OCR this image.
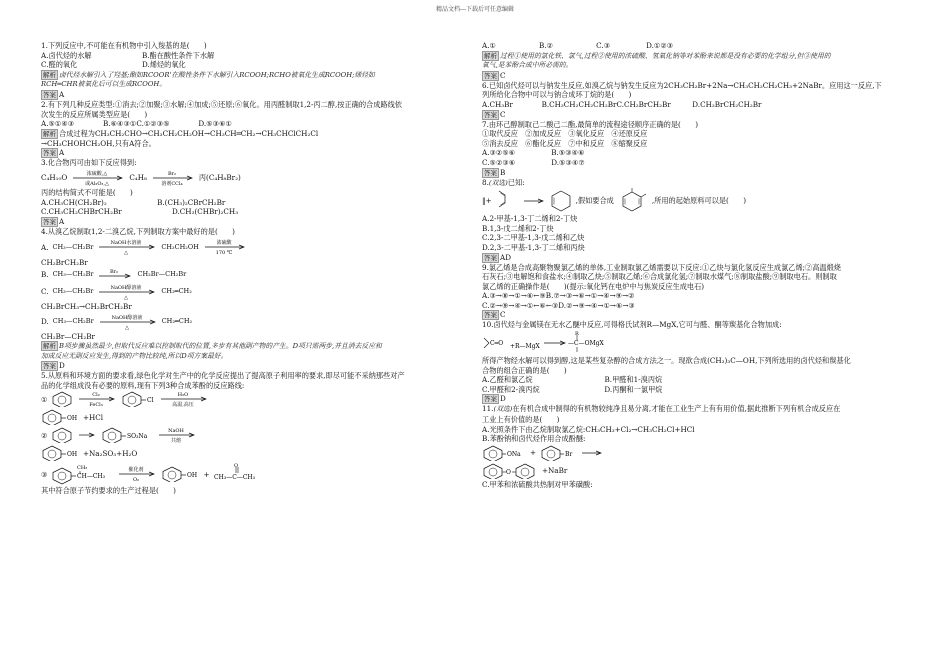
精品文档---下载后可任意编辑

1.下列反应中,不可能在有机物中引入羧基的是(　　)

A.卤代烃的水解　　　　　　　	B.酯在酸性条件下水解

C.醛的氧化　　　　　　　　　	D.烯烃的氧化

解析 卤代烃水解引入了羟基;酯如RCOOR'在酸性条件下水解引入RCOOH;RCHO被氧化生成RCOOH;烯烃如

RCH═CHR被氧化后可以生成RCOOH。

答案 A

2.有下列几种反应类型:①消去;②加聚;③水解;④加成;⑤还原;⑥氧化。用丙醛制取1,2-丙二醇,按正确的合成路线依

次发生的反应所属类型应是(　　)

A.⑤①④③　　　　B.⑥④③①C.①②③⑤　　　　D.⑤③⑥①

解析 合成过程为CH₃CH₂CHO→CH₃CH₂CH₂OH→CH₃CH═CH₂→CH₃CHClCH₂Cl

→CH₃CHOHCH₂OH,只有A符合。

答案 A

3.化合物丙可由如下反应得到:

C₄H₁₀O	浓硫酸,△
或Al₂O₃,△
C₄H₈	Br₂
溶剂CCl₄
丙(C₄H₈Br₂)

丙的结构简式不可能是(　　)

A.CH₃CH(CH₂Br)₂　　　　　　　	B.(CH₃)₂CBrCH₂Br

C.CH₃CH₂CHBrCH₂Br　　　　　　　	D.CH₃(CHBr)₂CH₃

答案 A

4.从溴乙烷制取1,2-二溴乙烷,下列制取方案中最好的是(　　)

A. CH₃—CH₂Br	NaOH水溶液
△
CH₃CH₂OH	浓硫酸
170 ℃

CH₂BrCH₂Br

B. CH₃—CH₂Br	Br₂	CH₂Br—CH₂Br
C. CH₃—CH₂Br	NaOH醇溶液
△
CH₂═CH₂

CH₂BrCH₃→CH₂BrCH₂Br

D. CH₃—CH₂Br	NaOH醇溶液
△
CH₂═CH₂

CH₂Br—CH₂Br

解析 B项步骤虽然最少,但取代反应难以控制取代的位置,多步有其他副产物的产生。D项只需两步,并且消去反应和

加成反应无副反应发生,得到的产物比较纯,所以D项方案最好。

答案 D

5.从原料和环境方面的要求看,绿色化学对生产中的化学反应提出了提高原子利用率的要求,即尽可能不采纳那些对产

品的化学组成没有必要的原料,现有下列3种合成苯酚的反应路线:

①	Cl₂
FeCl₃
Cl
H₂O
高温,高压
OH +HCl
②	SO₃Na
NaOH
共熔
OH +Na₂SO₃+H₂O
③	CH—CH₃
CH₃	催化剂
O₂
OH + CH₃—C—CH₃
O

其中符合原子节约要求的生产过程是(　　)

A.①　　　　　　B.②　　　　　　C.③　　　　　D.①②③

解析 过程①使用的氯化铁、氯气,过程②使用的浓硫酸、氢氧化钠等对苯酚来说都是没有必要的化学组分,但③使用的

氧气,是苯酚合成中所必需的。

答案 C

6.已知卤代烃可以与钠发生反应,如溴乙烷与钠发生反应为2CH₃CH₂Br+2Na→CH₃CH₂CH₂CH₃+2NaBr。应用这一反应,下

列所给化合物中可以与钠合成环丁烷的是(　　)

A.CH₃Br　　　　B.CH₃CH₂CH₂CH₂BrC.CH₂BrCH₂Br　　　D.CH₂BrCH₂CH₂Br

答案 C

7.由环己醇制取己二酸己二酯,最简单的流程途径顺序正确的是(　　)

①取代反应　②加成反应　③氧化反应　④还原反应

⑤消去反应　⑥酯化反应　⑦中和反应　⑧缩聚反应

A.③②⑤⑥　　　　　	B.⑤③④⑥

C.⑤②③⑥　　　　　	D.⑤③④⑦

答案 B

8.(双选)已知:

‖+	,假如要合成	,所用的起始原料可以是(　　)

A.2-甲基-1,3-丁二烯和2-丁炔

B.1,3-戊二烯和2-丁炔

C.2,3-二甲基-1,3-戊二烯和乙炔

D.2,3-二甲基-1,3-丁二烯和丙炔

答案 AD

9.氯乙烯是合成高聚物聚氯乙烯的单体,工业制取氯乙烯需要以下反应:①乙炔与氯化氢反应生成氯乙烯;②高温煅烧

石灰石;③电解饱和食盐水;④制取乙炔;⑤制取乙烯;⑥合成氯化氢;⑦制取水煤气;⑧制取盐酸;⑨制取电石。则制取

氯乙烯的正确操作是(　　)(提示:氧化钙在电炉中与焦炭反应生成电石)

A.③→⑧→①→⑥←⑨B.⑦→③→⑥→①→④→⑨→②

C.②→⑨→④→①←⑥←③D.②→⑨→④→①→⑥→③

答案 C

10.卤代烃与金属镁在无水乙醚中反应,可得格氏试剂R—MgX,它可与醛、酮等羰基化合物加成:

C═O +R—MgX	—C—OMgX
R

所得产物经水解可以得到醇,这是某些复杂醇的合成方法之一。现欲合成(CH₃)₃C—OH,下列所选用的卤代烃和羰基化

合物的组合正确的是(　　)

A.乙醛和氯乙烷　　　　　　　　　　	B.甲醛和1-溴丙烷

C.甲醛和2-溴丙烷　　　　　　　　　	D.丙酮和一氯甲烷

答案 D

11.(双选)在有机合成中制得的有机物较纯净且易分离,才能在工业生产上有有用价值,据此推断下列有机合成反应在

工业上有价值的是(　　)

A.光照条件下由乙烷制取氯乙烷:CH₃CH₃+Cl₂→CH₃CH₂Cl+HCl

B.苯酚钠和卤代烃作用合成酚醚:

ONa +	Br →
O	+NaBr

C.甲苯和浓硫酸共热制对甲苯磺酸:
